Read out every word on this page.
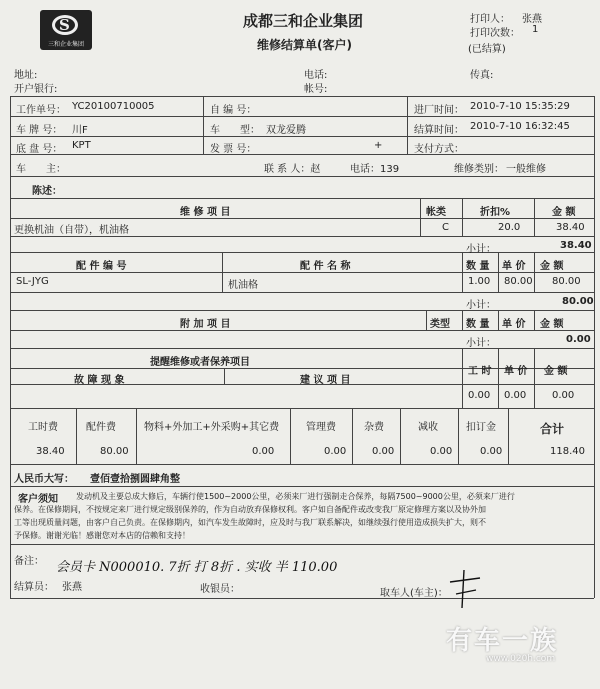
S
三和企业集团
成都三和企业集团
维修结算单(客户)
打印人： 张燕
打印次数： 1
(已结算)
地址:
开户银行:
电话:
帐号:
传真:
工作单号： YC20100710005	自 编 号：	进厂时间： 2010-7-10 15:35:29
车 牌 号： 川F	车　　型： 双龙爱腾	结算时间： 2010-7-10 16:32:45
底 盘 号： KPT	发 票 号：	+	支付方式：
车　　主：	联 系 人：赵	电话：139	维修类别： 一般维修
陈述：
维 修 项 目	帐类	折扣%	金 额
更换机油（自带），机油格	C	20.0	38.40
小计：	38.40
配 件 编 号	配 件 名 称	数 量 单 价 金 额
SL-JYG	机油格	1.00 80.00 80.00
小计：	80.00
附 加 项 目	类型 数 量 单 价 金 额
小计：	0.00
提醒维修或者保养项目
故 障 现 象	建 议 项 目
工 时 单 价 金 额
0.00 0.00	0.00
工时费	配件费	物料+外加工+外采购+其它费	管理费	杂费	减收	扣订金	合计
38.40	80.00	0.00	0.00	0.00	0.00	0.00	118.40
人民币大写： 壹佰壹拾捌圆肆角整
客户须知 发动机及主要总成大修后，车辆行使1500~2000公里，必须来厂进行强制走合保养，每隔7500~9000公里，必须来厂进行
保养。在保修期间，不按规定来厂进行规定级别保养的，作为自动放弃保修权利。客户如自备配件或改变我厂原定修理方案以及协外加
工等出现质量问题，由客户自己负责。在保修期内，如汽车发生故障时，应及时与我厂联系解决，如继续强行使用造成损失扩大，则不
予保修。谢谢光临！感谢您对本店的信赖和支持！
备注： 会员卡 N000010. 7折 打 8折 . 实收 半 110.00
结算员： 张燕	收银员：	取车人(车主)：
有车一族
www.020h.com
